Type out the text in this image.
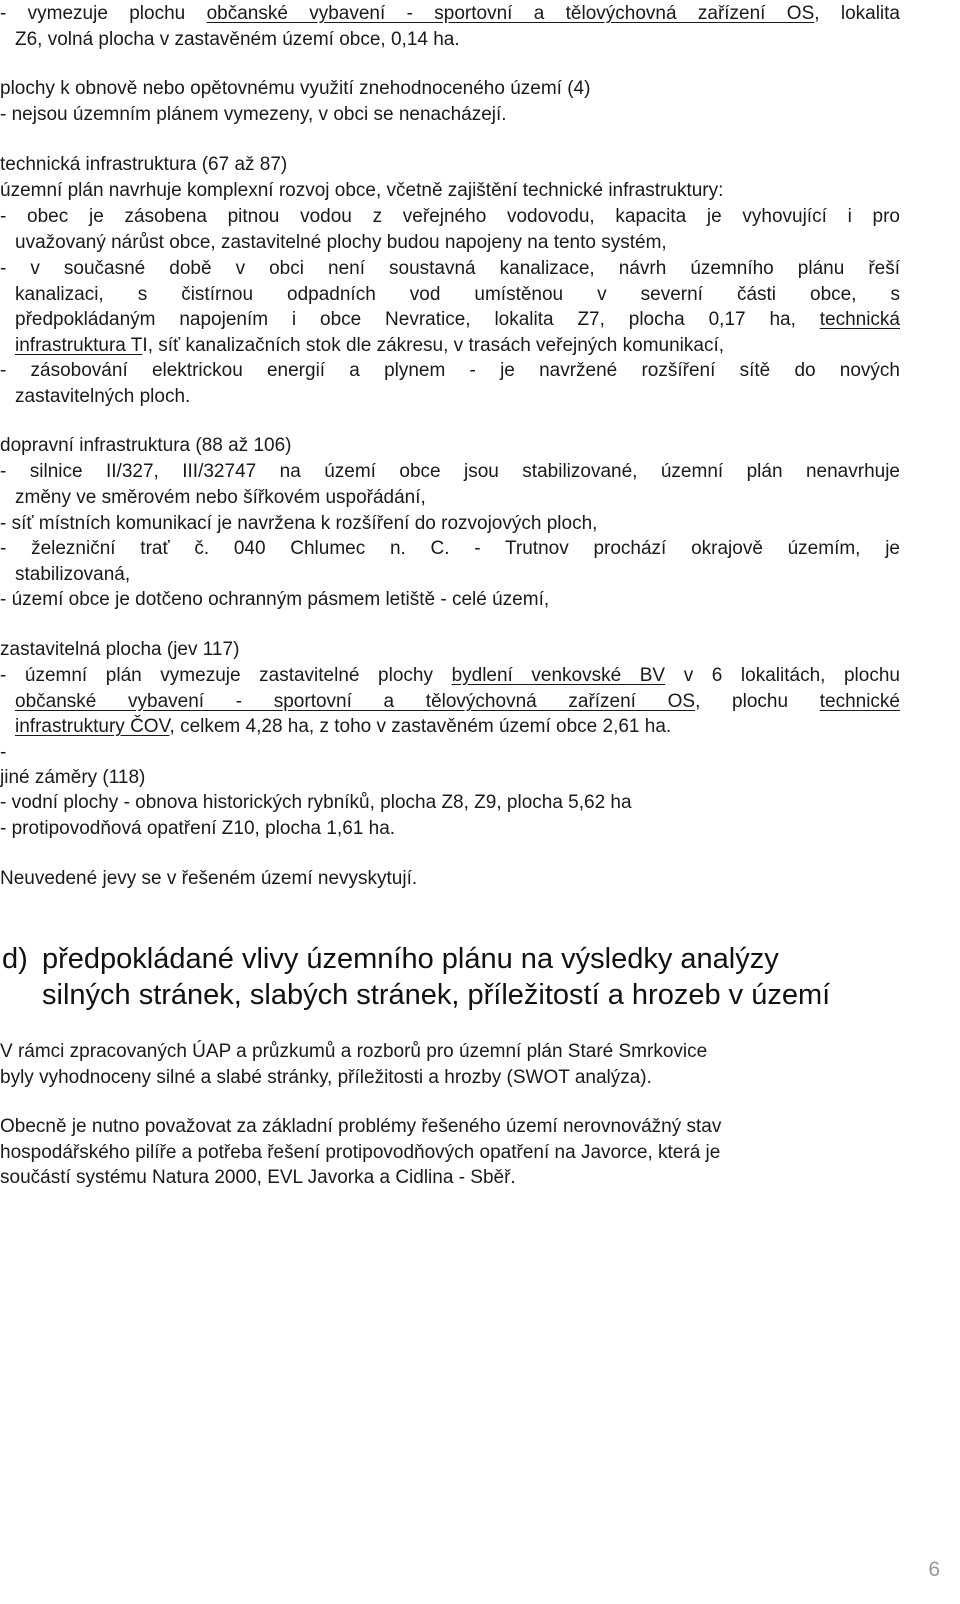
- vymezuje plochu občanské vybavení - sportovní a tělovýchovná zařízení OS, lokalita
Z6, volná plocha v zastavěném území obce, 0,14 ha.
plochy k obnově nebo opětovnému využití znehodnoceného území (4)
- nejsou územním plánem vymezeny, v obci se nenacházejí.
technická infrastruktura (67 až 87)
územní plán navrhuje komplexní rozvoj obce, včetně zajištění technické infrastruktury:
- obec je zásobena pitnou vodou z veřejného vodovodu, kapacita je vyhovující i pro
uvažovaný nárůst obce, zastavitelné plochy budou napojeny na tento systém,
- v současné době v obci není soustavná kanalizace, návrh územního plánu řeší
kanalizaci, s čistírnou odpadních vod umístěnou v severní části obce, s
předpokládaným napojením i obce Nevratice, lokalita Z7, plocha 0,17 ha, technická
infrastruktura TI, síť kanalizačních stok dle zákresu, v trasách veřejných komunikací,
- zásobování elektrickou energií a plynem - je navržené rozšíření sítě do nových
zastavitelných ploch.
dopravní infrastruktura (88 až 106)
- silnice II/327, III/32747 na území obce jsou stabilizované, územní plán nenavrhuje
změny ve směrovém nebo šířkovém uspořádání,
- síť místních komunikací je navržena k rozšíření do rozvojových ploch,
- železniční trať č. 040 Chlumec n. C. - Trutnov prochází okrajově územím, je
stabilizovaná,
- území obce je dotčeno ochranným pásmem letiště - celé území,
zastavitelná plocha (jev 117)
- územní plán vymezuje zastavitelné plochy bydlení venkovské BV v 6 lokalitách, plochu
občanské vybavení - sportovní a tělovýchovná zařízení OS, plochu technické
infrastruktury ČOV, celkem 4,28 ha, z toho v zastavěném území obce 2,61 ha.
-
jiné záměry (118)
- vodní plochy - obnova historických rybníků, plocha Z8, Z9, plocha 5,62 ha
- protipovodňová opatření Z10, plocha 1,61 ha.
Neuvedené jevy se v řešeném území nevyskytují.
d) předpokládané vlivy územního plánu na výsledky analýzy
silných stránek, slabých stránek, příležitostí a hrozeb v území
V rámci zpracovaných ÚAP a průzkumů a rozborů pro územní plán Staré Smrkovice
byly vyhodnoceny silné a slabé stránky, příležitosti a hrozby (SWOT analýza).
Obecně je nutno považovat za základní problémy řešeného území nerovnovážný stav
hospodářského pilíře a potřeba řešení protipovodňových opatření na Javorce, která je
součástí systému Natura 2000, EVL Javorka a Cidlina - Sběř.
6
